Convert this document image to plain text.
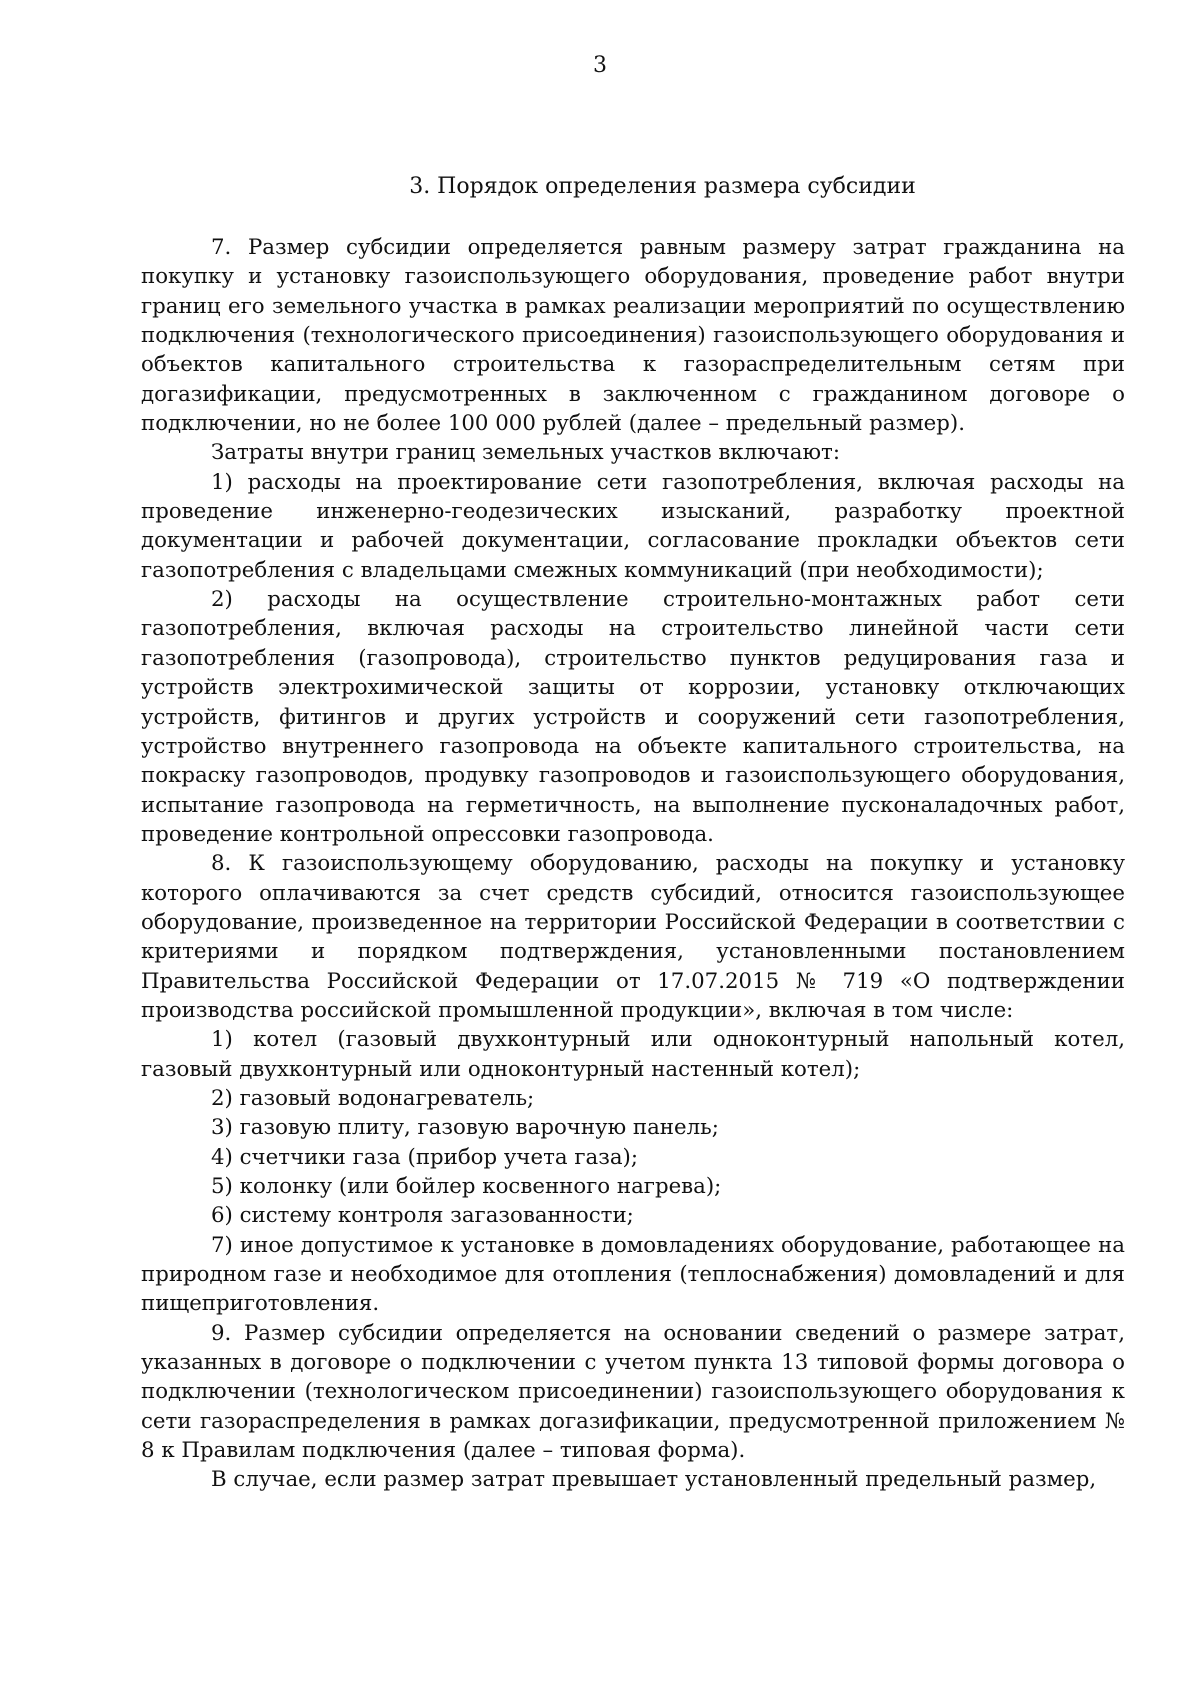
3
3. Порядок определения размера субсидии

7. Размер субсидии определяется равным размеру затрат гражданина на покупку и установку газоиспользующего оборудования, проведение работ внутри границ его земельного участка в рамках реализации мероприятий по осуществлению подключения (технологического присоединения) газоиспользующего оборудования и объектов капитального строительства к газораспределительным сетям при догазификации, предусмотренных в заключенном с гражданином договоре о подключении, но не более 100 000 рублей (далее – предельный размер).

Затраты внутри границ земельных участков включают:

1) расходы на проектирование сети газопотребления, включая расходы на проведение инженерно-геодезических изысканий, разработку проектной документации и рабочей документации, согласование прокладки объектов сети газопотребления с владельцами смежных коммуникаций (при необходимости);

2) расходы на осуществление строительно-монтажных работ сети газопотребления, включая расходы на строительство линейной части сети газопотребления (газопровода), строительство пунктов редуцирования газа и устройств электрохимической защиты от коррозии, установку отключающих устройств, фитингов и других устройств и сооружений сети газопотребления, устройство внутреннего газопровода на объекте капитального строительства, на покраску газопроводов, продувку газопроводов и газоиспользующего оборудования, испытание газопровода на герметичность, на выполнение пусконаладочных работ, проведение контрольной опрессовки газопровода.

8. К газоиспользующему оборудованию, расходы на покупку и установку которого оплачиваются за счет средств субсидий, относится газоиспользующее оборудование, произведенное на территории Российской Федерации в соответствии с критериями и порядком подтверждения, установленными постановлением Правительства Российской Федерации от 17.07.2015 № 719 «О подтверждении производства российской промышленной продукции», включая в том числе:

1) котел (газовый двухконтурный или одноконтурный напольный котел, газовый двухконтурный или одноконтурный настенный котел);

2) газовый водонагреватель;

3) газовую плиту, газовую варочную панель;

4) счетчики газа (прибор учета газа);

5) колонку (или бойлер косвенного нагрева);

6) систему контроля загазованности;

7) иное допустимое к установке в домовладениях оборудование, работающее на природном газе и необходимое для отопления (теплоснабжения) домовладений и для пищеприготовления.

9. Размер субсидии определяется на основании сведений о размере затрат, указанных в договоре о подключении с учетом пункта 13 типовой формы договора о подключении (технологическом присоединении) газоиспользующего оборудования к сети газораспределения в рамках догазификации, предусмотренной приложением № 8 к Правилам подключения (далее – типовая форма).

В случае, если размер затрат превышает установленный предельный размер,
